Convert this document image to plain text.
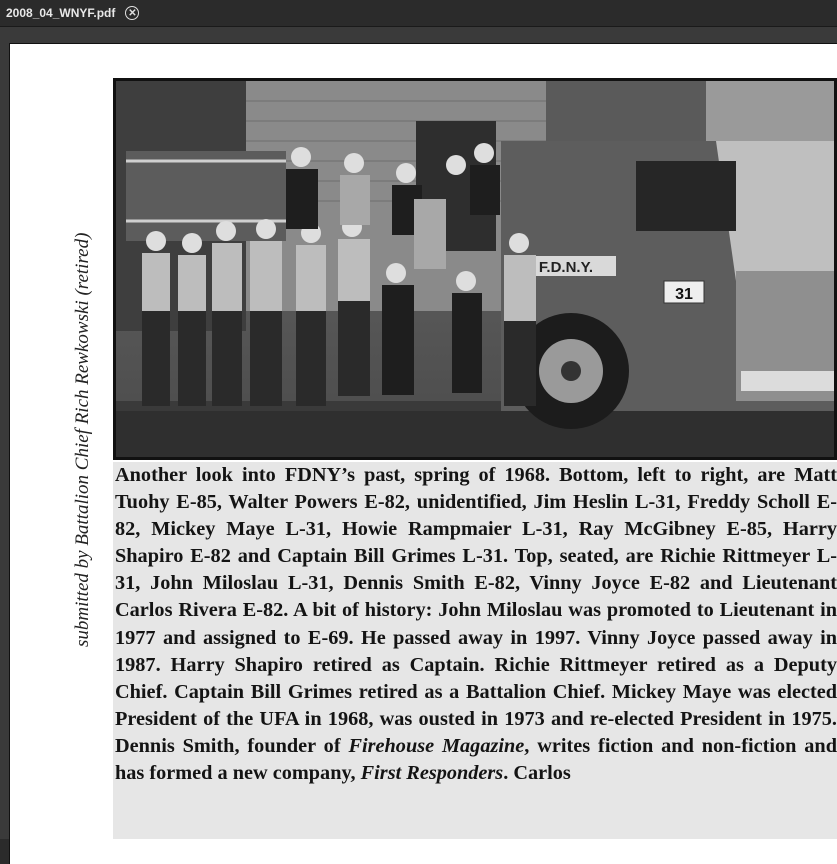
2008_04_WNYF.pdf ✕
submitted by Battalion Chief Rich Rewkowski (retired)	F.D.N.Y.
31

Another look into FDNY’s past, spring of 1968. Bottom, left to right, are Matt Tuohy E-85, Walter Powers E-82, unidentified, Jim Heslin L-31, Freddy Scholl E-82, Mickey Maye L-31, Howie Rampmaier L-31, Ray McGibney E-85, Harry Shapiro E-82 and Captain Bill Grimes L-31. Top, seated, are Richie Rittmeyer L-31, John Miloslau L-31, Dennis Smith E-82, Vinny Joyce E-82 and Lieutenant Carlos Rivera E-82. A bit of history: John Miloslau was promoted to Lieutenant in 1977 and assigned to E-69. He passed away in 1997. Vinny Joyce passed away in 1987. Harry Shapiro retired as Captain. Richie Rittmeyer retired as a Deputy Chief. Captain Bill Grimes retired as a Battalion Chief. Mickey Maye was elected President of the UFA in 1968, was ousted in 1973 and re-elected President in 1975. Dennis Smith, founder of Firehouse Magazine, writes fiction and non-fiction and has formed a new company, First Responders. Carlos
